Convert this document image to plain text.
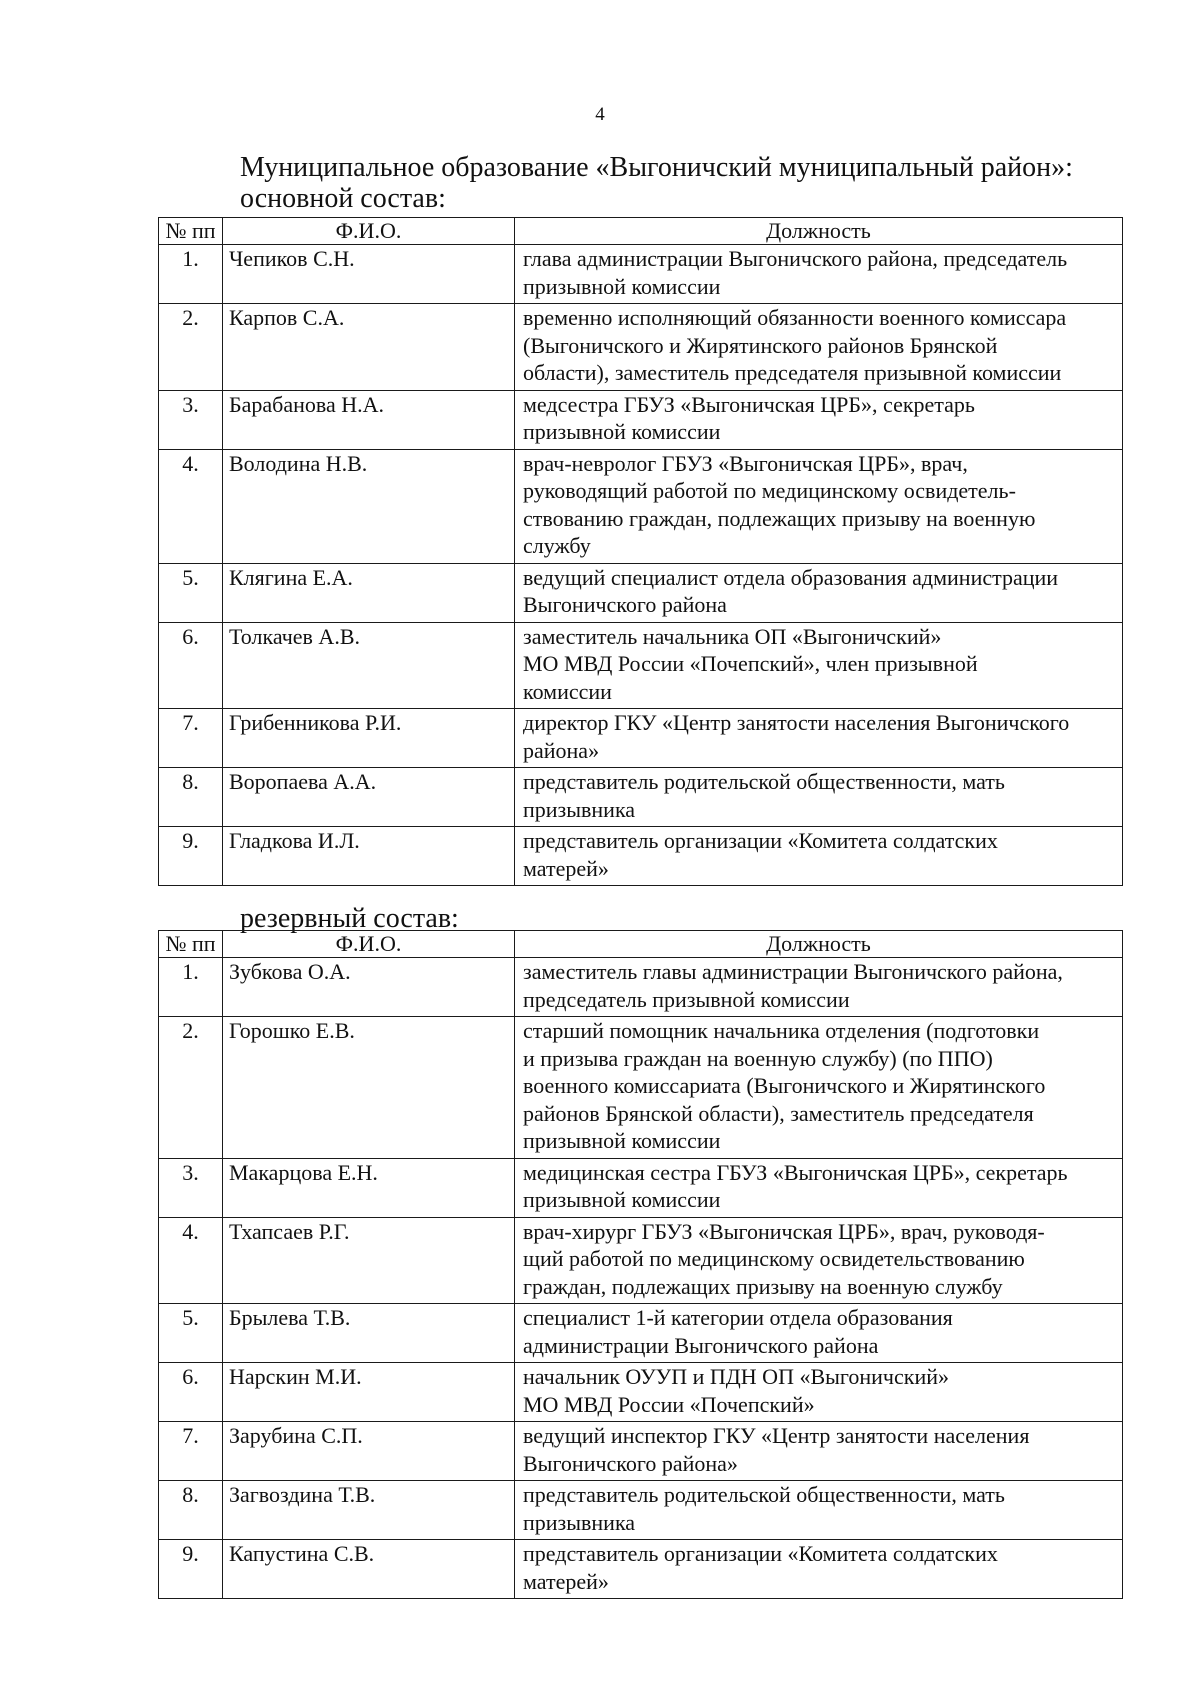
4
Муниципальное образование «Выгоничский муниципальный район»:
основной состав:
№ пп	Ф.И.О.	Должность
1.	Чепиков С.Н.	глава администрации Выгоничского района, председатель
призывной комиссии

2.	Карпов С.А.	временно исполняющий обязанности военного комиссара
(Выгоничского и Жирятинского районов Брянской
области), заместитель председателя призывной комиссии

3.	Барабанова Н.А.	медсестра ГБУЗ «Выгоничская ЦРБ», секретарь
призывной комиссии

4.	Володина Н.В.	врач-невролог ГБУЗ «Выгоничская ЦРБ», врач,
руководящий работой по медицинскому освидетель-
ствованию граждан, подлежащих призыву на военную
службу

5.	Клягина Е.А.	ведущий специалист отдела образования администрации
Выгоничского района

6.	Толкачев А.В.	заместитель начальника ОП «Выгоничский»
МО МВД России «Почепский», член призывной
комиссии

7.	Грибенникова Р.И.	директор ГКУ «Центр занятости населения Выгоничского
района»

8.	Воропаева А.А.	представитель родительской общественности, мать
призывника

9.	Гладкова И.Л.	представитель организации «Комитета солдатских
матерей»
резервный состав:
№ пп	Ф.И.О.	Должность
1.	Зубкова О.А.	заместитель главы администрации Выгоничского района,
председатель призывной комиссии

2.	Горошко Е.В.	старший помощник начальника отделения (подготовки
и призыва граждан на военную службу) (по ППО)
военного комиссариата (Выгоничского и Жирятинского
районов Брянской области), заместитель председателя
призывной комиссии

3.	Макарцова Е.Н.	медицинская сестра ГБУЗ «Выгоничская ЦРБ», секретарь
призывной комиссии

4.	Тхапсаев Р.Г.	врач-хирург ГБУЗ «Выгоничская ЦРБ», врач, руководя-
щий работой по медицинскому освидетельствованию
граждан, подлежащих призыву на военную службу

5.	Брылева Т.В.	специалист 1-й категории отдела образования
администрации Выгоничского района

6.	Нарскин М.И.	начальник ОУУП и ПДН ОП «Выгоничский»
МО МВД России «Почепский»

7.	Зарубина С.П.	ведущий инспектор ГКУ «Центр занятости населения
Выгоничского района»

8.	Загвоздина Т.В.	представитель родительской общественности, мать
призывника

9.	Капустина С.В.	представитель организации «Комитета солдатских
матерей»
